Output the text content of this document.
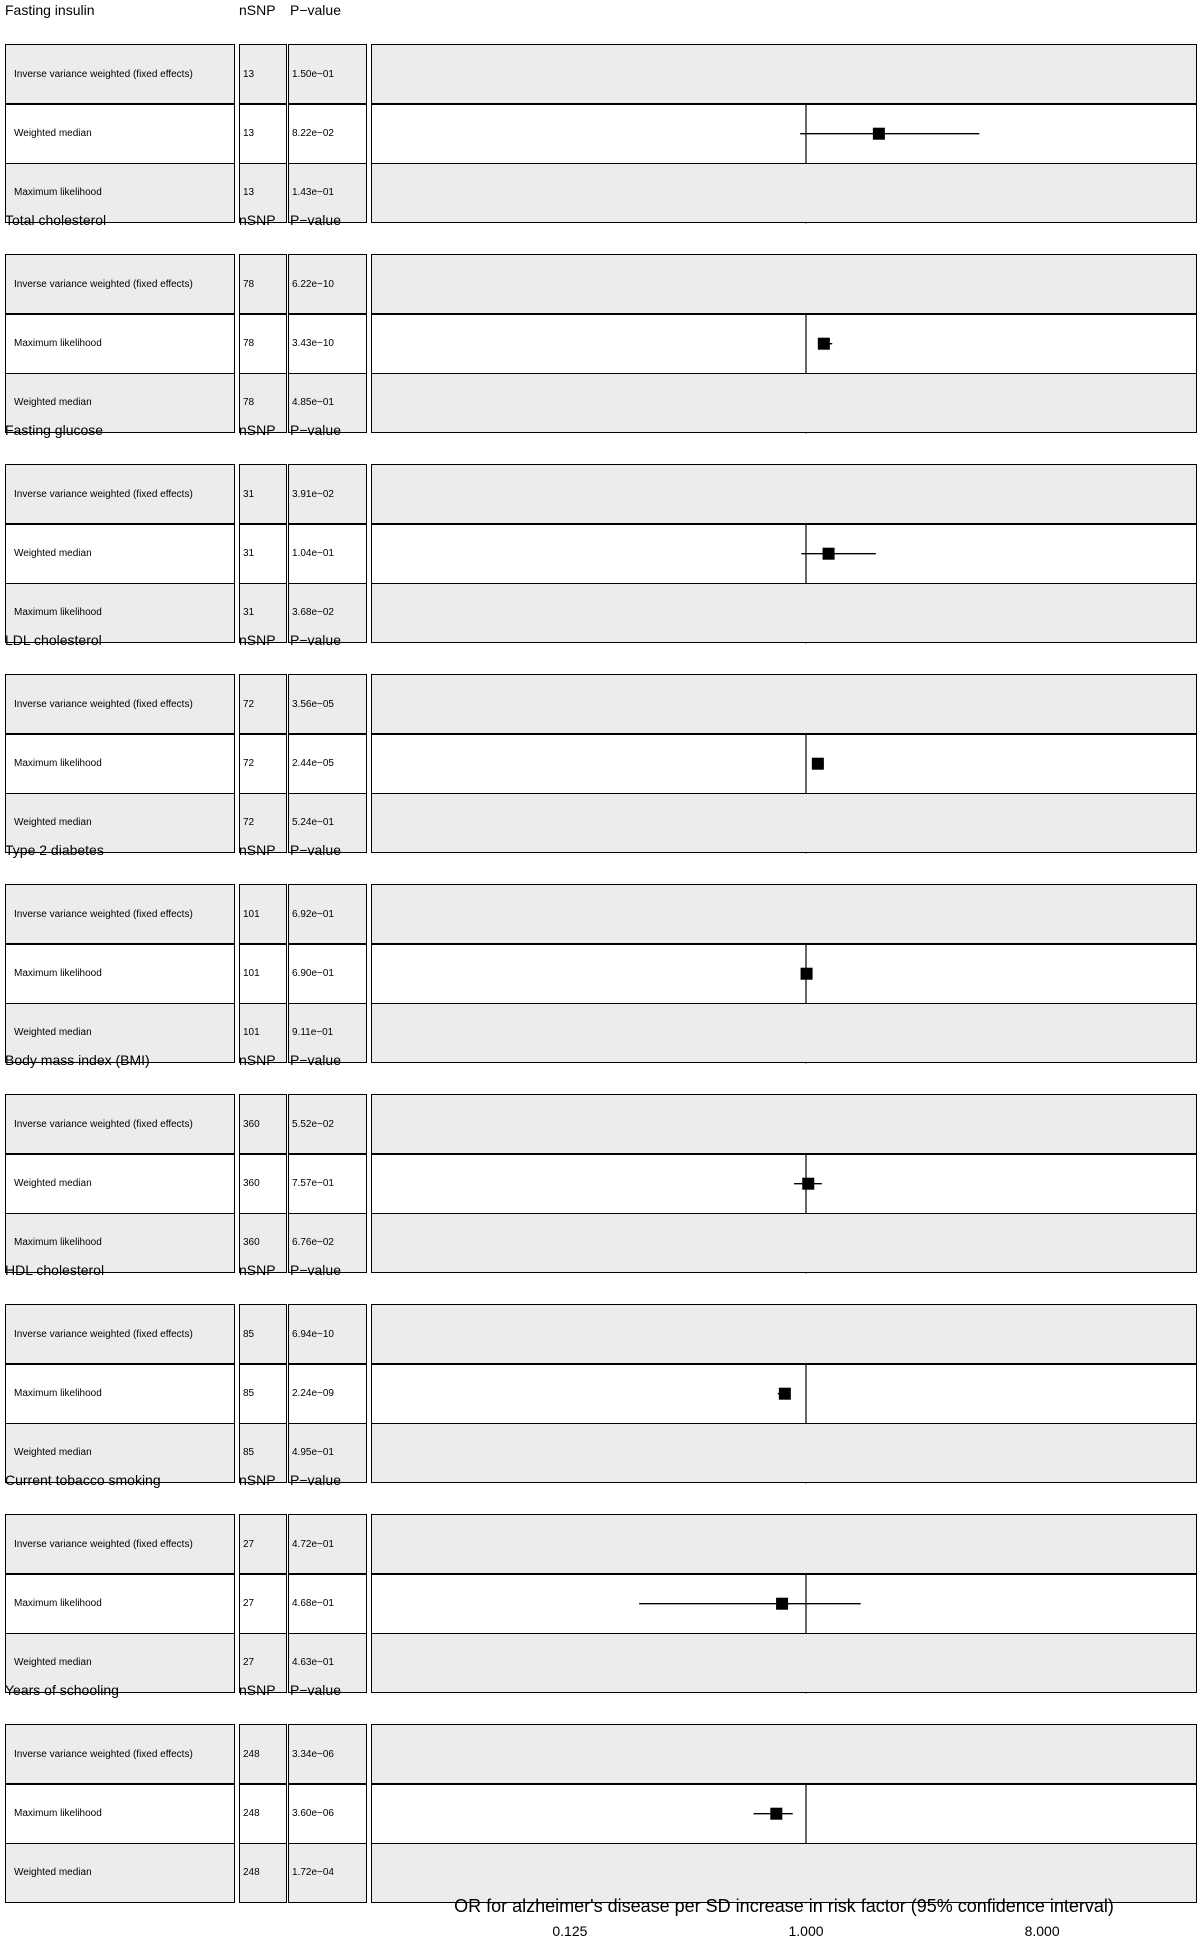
Fasting insulin	nSNP P−value
Inverse variance weighted (fixed effects)	13	1.50e−01
Weighted median	13	8.22e−02
Maximum likelihood	13	1.43e−01
Total cholesterol	nSNP P−value
Inverse variance weighted (fixed effects)	78	6.22e−10
Maximum likelihood	78	3.43e−10
Weighted median	78	4.85e−01
Fasting glucose	nSNP P−value
Inverse variance weighted (fixed effects)	31	3.91e−02
Weighted median	31	1.04e−01
Maximum likelihood	31	3.68e−02
LDL cholesterol	nSNP P−value
Inverse variance weighted (fixed effects)	72	3.56e−05
Maximum likelihood	72	2.44e−05
Weighted median	72	5.24e−01
Type 2 diabetes	nSNP P−value
Inverse variance weighted (fixed effects)	101	6.92e−01
Maximum likelihood	101	6.90e−01
Weighted median	101	9.11e−01
Body mass index (BMI)	nSNP P−value
Inverse variance weighted (fixed effects)	360	5.52e−02
Weighted median	360	7.57e−01
Maximum likelihood	360	6.76e−02
HDL cholesterol	nSNP P−value
Inverse variance weighted (fixed effects)	85	6.94e−10
Maximum likelihood	85	2.24e−09
Weighted median	85	4.95e−01
Current tobacco smoking	nSNP P−value
Inverse variance weighted (fixed effects)	27	4.72e−01
Maximum likelihood	27	4.68e−01
Weighted median	27	4.63e−01
Years of schooling	nSNP P−value
Inverse variance weighted (fixed effects)	248	3.34e−06
Maximum likelihood	248	3.60e−06
Weighted median	248	1.72e−04
0.125	1.000	8.000
OR for alzheimer's disease per SD increase in risk factor (95% confidence interval)
